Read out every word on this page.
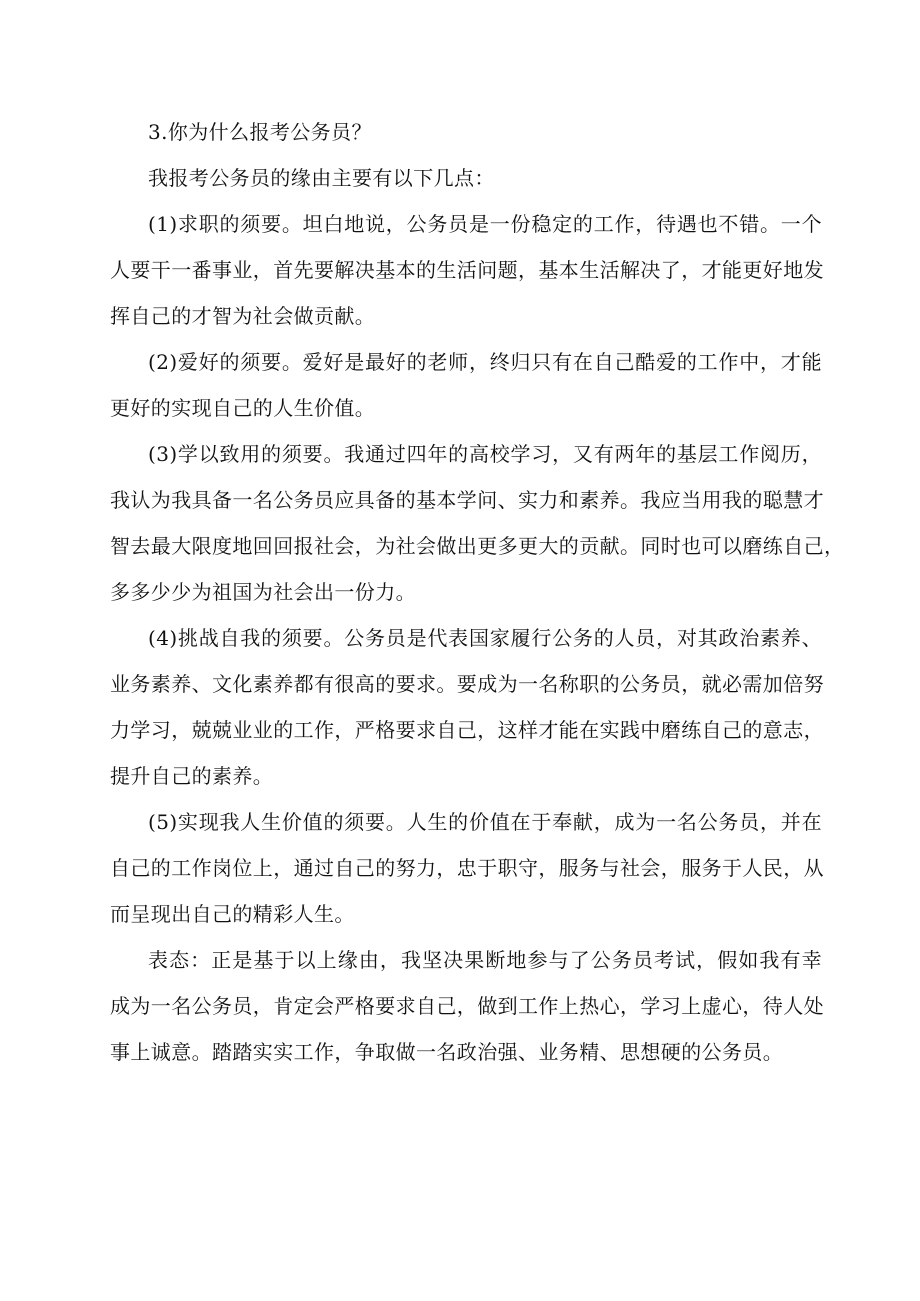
3.你为什么报考公务员？
我报考公务员的缘由主要有以下几点：
(1)求职的须要。坦白地说，公务员是一份稳定的工作，待遇也不错。一个
人要干一番事业，首先要解决基本的生活问题，基本生活解决了，才能更好地发
挥自己的才智为社会做贡献。
(2)爱好的须要。爱好是最好的老师，终归只有在自己酷爱的工作中，才能
更好的实现自己的人生价值。
(3)学以致用的须要。我通过四年的高校学习，又有两年的基层工作阅历，
我认为我具备一名公务员应具备的基本学问、实力和素养。我应当用我的聪慧才
智去最大限度地回回报社会，为社会做出更多更大的贡献。同时也可以磨练自己，
多多少少为祖国为社会出一份力。
(4)挑战自我的须要。公务员是代表国家履行公务的人员，对其政治素养、
业务素养、文化素养都有很高的要求。要成为一名称职的公务员，就必需加倍努
力学习，兢兢业业的工作，严格要求自己，这样才能在实践中磨练自己的意志，
提升自己的素养。
(5)实现我人生价值的须要。人生的价值在于奉献，成为一名公务员，并在
自己的工作岗位上，通过自己的努力，忠于职守，服务与社会，服务于人民，从
而呈现出自己的精彩人生。
表态：正是基于以上缘由，我坚决果断地参与了公务员考试，假如我有幸
成为一名公务员，肯定会严格要求自己，做到工作上热心，学习上虚心，待人处
事上诚意。踏踏实实工作，争取做一名政治强、业务精、思想硬的公务员。
